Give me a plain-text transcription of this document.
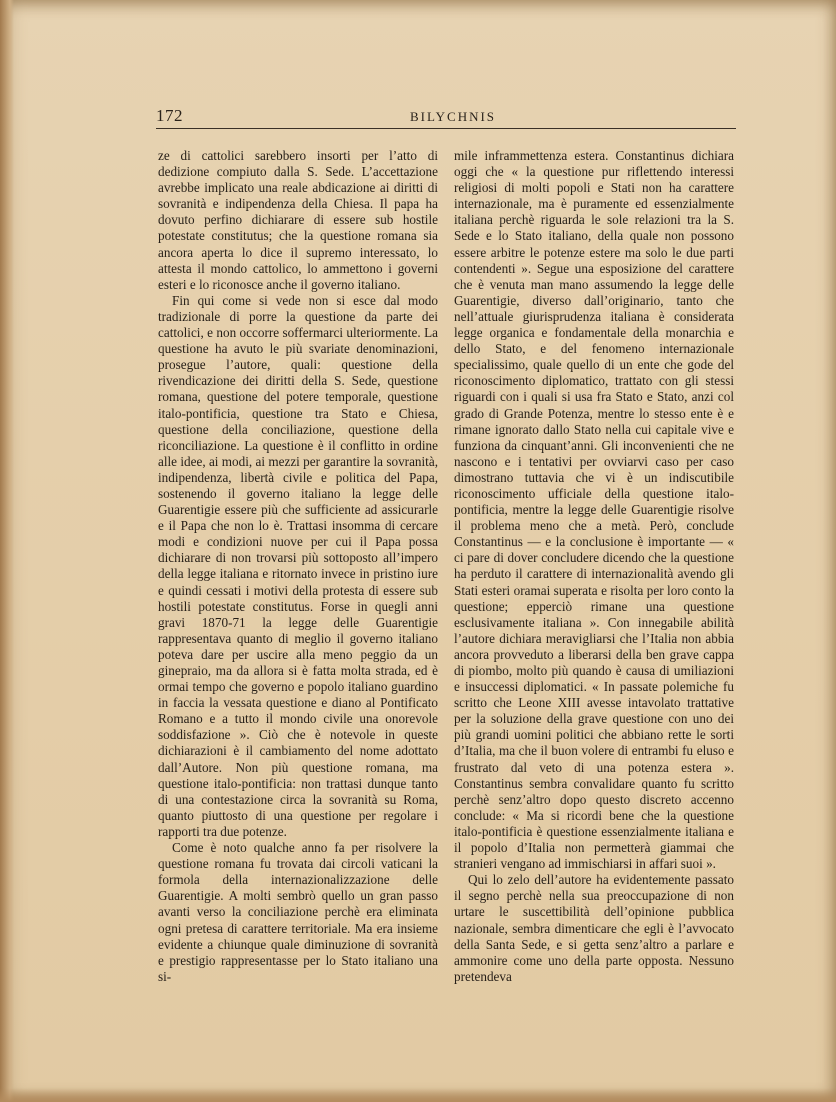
172	BILYCHNIS

ze di cattolici sarebbero insorti per l’atto di dedizione compiuto dalla S. Sede. L’accettazione avrebbe implicato una reale abdicazione ai diritti di sovranità e indipendenza della Chiesa. Il papa ha dovuto perfino dichiarare di essere sub hostile potestate constitutus; che la questione romana sia ancora aperta lo dice il supremo interessato, lo attesta il mondo cattolico, lo ammettono i governi esteri e lo riconosce anche il governo italiano.

Fin qui come si vede non si esce dal modo tradizionale di porre la questione da parte dei cattolici, e non occorre soffermarci ulteriormente. La questione ha avuto le più svariate denominazioni, prosegue l’autore, quali: questione della rivendicazione dei diritti della S. Sede, questione romana, questione del potere temporale, questione italo-pontificia, questione tra Stato e Chiesa, questione della conciliazione, questione della riconciliazione. La questione è il conflitto in ordine alle idee, ai modi, ai mezzi per garantire la sovranità, indipendenza, libertà civile e politica del Papa, sostenendo il governo italiano la legge delle Guarentigie essere più che sufficiente ad assicurarle e il Papa che non lo è. Trattasi insomma di cercare modi e condizioni nuove per cui il Papa possa dichiarare di non trovarsi più sottoposto all’impero della legge italiana e ritornato invece in pristino iure e quindi cessati i motivi della protesta di essere sub hostili potestate constitutus. Forse in quegli anni gravi 1870-71 la legge delle Guarentigie rappresentava quanto di meglio il governo italiano poteva dare per uscire alla meno peggio da un ginepraio, ma da allora si è fatta molta strada, ed è ormai tempo che governo e popolo italiano guardino in faccia la vessata questione e diano al Pontificato Romano e a tutto il mondo civile una onorevole soddisfazione ». Ciò che è notevole in queste dichiarazioni è il cambiamento del nome adottato dall’Autore. Non più questione romana, ma questione italo-pontificia: non trattasi dunque tanto di una contestazione circa la sovranità su Roma, quanto piuttosto di una questione per regolare i rapporti tra due potenze.

Come è noto qualche anno fa per risolvere la questione romana fu trovata dai circoli vaticani la formola della internazionalizzazione delle Guarentigie. A molti sembrò quello un gran passo avanti verso la conciliazione perchè era eliminata ogni pretesa di carattere territoriale. Ma era insieme evidente a chiunque quale diminuzione di sovranità e prestigio rappresentasse per lo Stato italiano una si-

mile inframmettenza estera. Constantinus dichiara oggi che « la questione pur riflettendo interessi religiosi di molti popoli e Stati non ha carattere internazionale, ma è puramente ed essenzialmente italiana perchè riguarda le sole relazioni tra la S. Sede e lo Stato italiano, della quale non possono essere arbitre le potenze estere ma solo le due parti contendenti ». Segue una esposizione del carattere che è venuta man mano assumendo la legge delle Guarentigie, diverso dall’originario, tanto che nell’attuale giurisprudenza italiana è considerata legge organica e fondamentale della monarchia e dello Stato, e del fenomeno internazionale specialissimo, quale quello di un ente che gode del riconoscimento diplomatico, trattato con gli stessi riguardi con i quali si usa fra Stato e Stato, anzi col grado di Grande Potenza, mentre lo stesso ente è e rimane ignorato dallo Stato nella cui capitale vive e funziona da cinquant’anni. Gli inconvenienti che ne nascono e i tentativi per ovviarvi caso per caso dimostrano tuttavia che vi è un indiscutibile riconoscimento ufficiale della questione italo-pontificia, mentre la legge delle Guarentigie risolve il problema meno che a metà. Però, conclude Constantinus — e la conclusione è importante — « ci pare di dover concludere dicendo che la questione ha perduto il carattere di internazionalità avendo gli Stati esteri oramai superata e risolta per loro conto la questione; epperciò rimane una questione esclusivamente italiana ». Con innegabile abilità l’autore dichiara meravigliarsi che l’Italia non abbia ancora provveduto a liberarsi della ben grave cappa di piombo, molto più quando è causa di umiliazioni e insuccessi diplomatici. « In passate polemiche fu scritto che Leone XIII avesse intavolato trattative per la soluzione della grave questione con uno dei più grandi uomini politici che abbiano rette le sorti d’Italia, ma che il buon volere di entrambi fu eluso e frustrato dal veto di una potenza estera ». Constantinus sembra convalidare quanto fu scritto perchè senz’altro dopo questo discreto accenno conclude: « Ma si ricordi bene che la questione italo-pontificia è questione essenzialmente italiana e il popolo d’Italia non permetterà giammai che stranieri vengano ad immischiarsi in affari suoi ».

Qui lo zelo dell’autore ha evidentemente passato il segno perchè nella sua preoccupazione di non urtare le suscettibilità dell’opinione pubblica nazionale, sembra dimenticare che egli è l’avvocato della Santa Sede, e si getta senz’altro a parlare e ammonire come uno della parte opposta. Nessuno pretendeva
